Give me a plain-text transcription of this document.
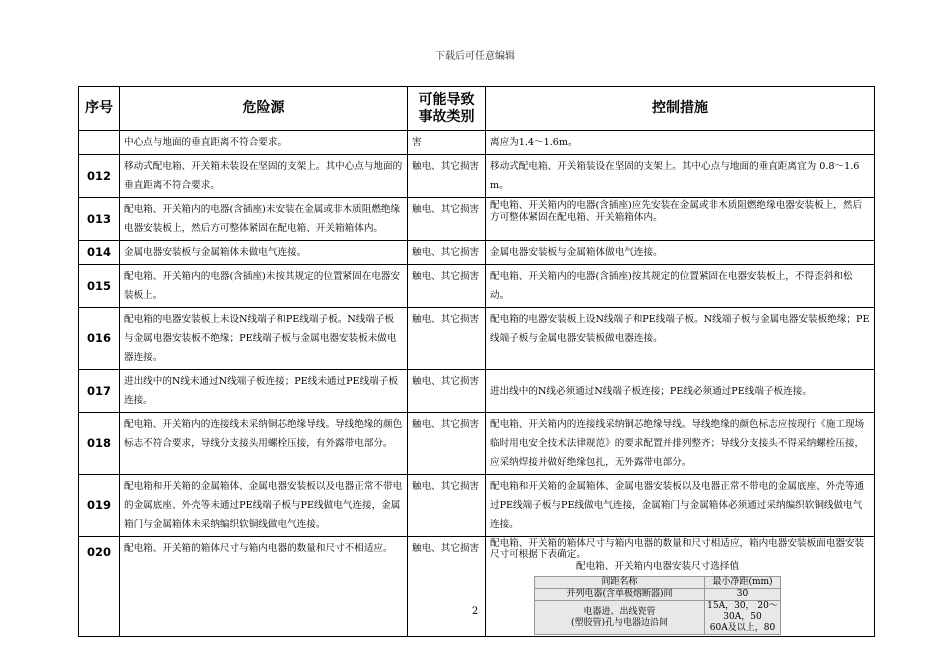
下载后可任意编辑
序号	危险源	可能导致
事故类别	控制措施
	中心点与地面的垂直距离不符合要求。	害	离应为1.4～1.6m。
012	移动式配电箱、开关箱未装设在坚固的支架上。其中心点与地面的垂直距离不符合要求。	触电、其它损害	移动式配电箱、开关箱装设在坚固的支架上。其中心点与地面的垂直距离宜为 0.8～1.6m。
013	配电箱、开关箱内的电器(含插座)未安装在金属或非木质阻燃绝缘电器安装板上，然后方可整体紧固在配电箱、开关箱箱体内。	触电、其它损害	配电箱、开关箱内的电器(含插座)应先安装在金属或非木质阻燃绝缘电器安装板上，然后方可整体紧固在配电箱、开关箱箱体内。
014	金属电器安装板与金属箱体未做电气连接。	触电、其它损害	金属电器安装板与金属箱体做电气连接。
015	配电箱、开关箱内的电器(含插座)未按其规定的位置紧固在电器安装板上。	触电、其它损害	配电箱、开关箱内的电器(含插座)按其规定的位置紧固在电器安装板上，不得歪斜和松动。
016	配电箱的电器安装板上未设N线端子和PE线端子板。N线端子板与金属电器安装板不绝缘；PE线端子板与金属电器安装板未做电器连接。	触电、其它损害	配电箱的电器安装板上设N线端子和PE线端子板。N线端子板与金属电器安装板绝缘；PE线端子板与金属电器安装板做电器连接。
017	进出线中的N线未通过N线端子板连接；PE线未通过PE线端子板连接。	触电、其它损害	进出线中的N线必须通过N线端子板连接；PE线必须通过PE线端子板连接。
018	配电箱、开关箱内的连接线未采纳铜芯绝缘导线。导线绝缘的颜色标志不符合要求，导线分支接头用螺栓压接，有外露带电部分。	触电、其它损害	配电箱、开关箱内的连接线采纳铜芯绝缘导线。导线绝缘的颜色标志应按现行《施工现场临时用电安全技术法律规范》的要求配置并排列整齐；导线分支接头不得采纳螺栓压接，应采纳焊接并做好绝缘包扎，无外露带电部分。
019	配电箱和开关箱的金属箱体、金属电器安装板以及电器正常不带电的金属底座、外壳等未通过PE线端子板与PE线做电气连接，金属箱门与金属箱体未采纳编织软铜线做电气连接。	触电、其它损害	配电箱和开关箱的金属箱体、金属电器安装板以及电器正常不带电的金属底座、外壳等通过PE线端子板与PE线做电气连接，金属箱门与金属箱体必须通过采纳编织软铜线做电气连接。
020	配电箱、开关箱的箱体尺寸与箱内电器的数量和尺寸不相适应。	触电、其它损害	配电箱、开关箱的箱体尺寸与箱内电器的数量和尺寸相适应，箱内电器安装板面电器安装尺寸可根据下表确定。
配电箱、开关箱内电器安装尺寸选择值
间距名称	最小净距(mm)
并列电器(含单极熔断器)间	30
电器进、出线瓷管
(塑胶管)孔与电器边沿间	15A，30， 20～30A，50
60A及以上，80
2
